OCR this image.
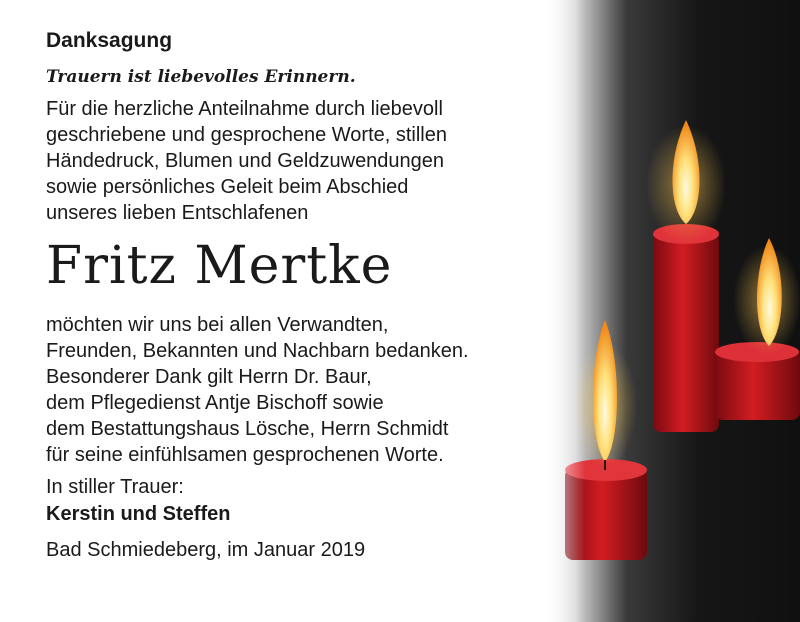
Danksagung
Trauern ist liebevolles Erinnern.
Für die herzliche Anteilnahme durch liebevoll
geschriebene und gesprochene Worte, stillen
Händedruck, Blumen und Geldzuwendungen
sowie persönliches Geleit beim Abschied
unseres lieben Entschlafenen
Fritz Mertke
möchten wir uns bei allen Verwandten,
Freunden, Bekannten und Nachbarn bedanken.
Besonderer Dank gilt Herrn Dr. Baur,
dem Pflegedienst Antje Bischoff sowie
dem Bestattungshaus Lösche, Herrn Schmidt
für seine einfühlsamen gesprochenen Worte.
In stiller Trauer:
Kerstin und Steffen
Bad Schmiedeberg, im Januar 2019
